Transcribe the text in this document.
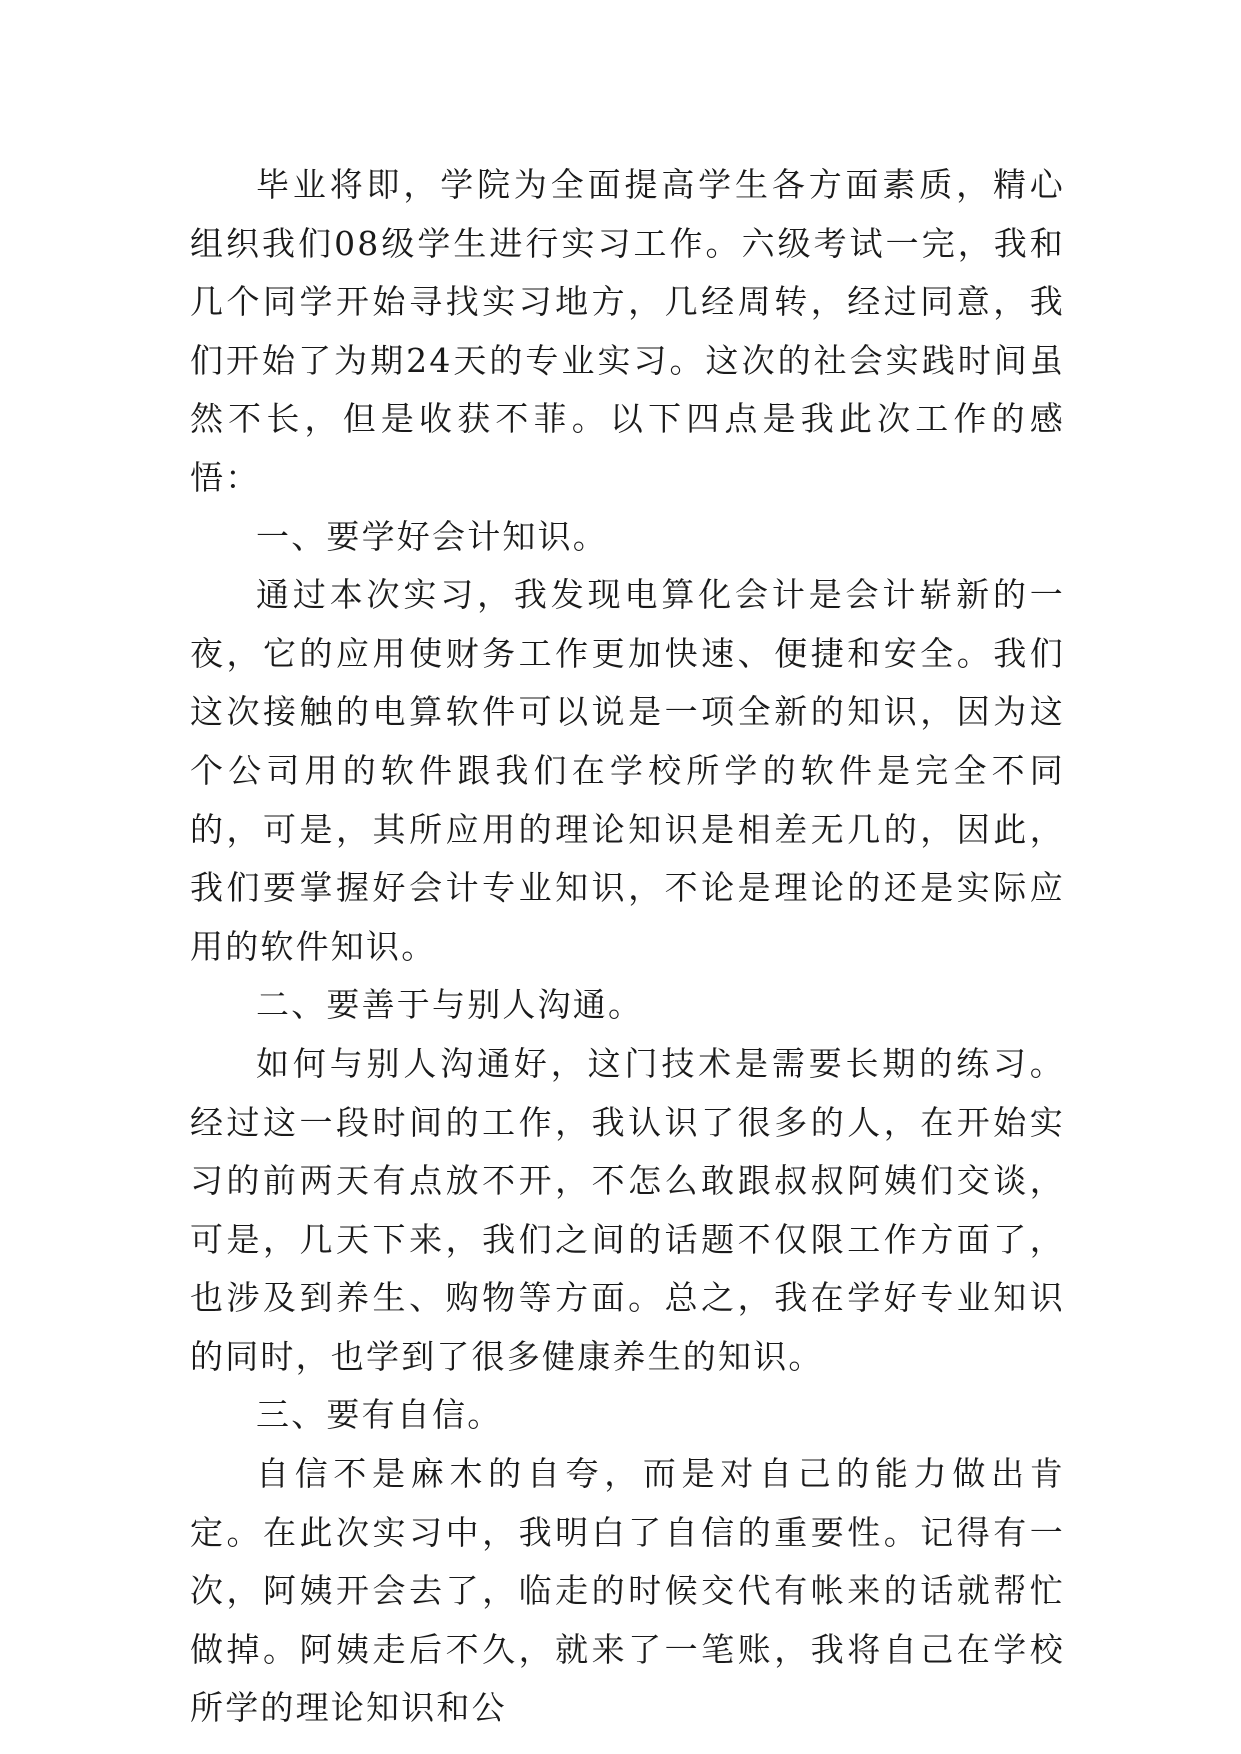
毕业将即，学院为全面提高学生各方面素质，精心组织我们08级学生进行实习工作。六级考试一完，我和几个同学开始寻找实习地方，几经周转，经过同意，我们开始了为期24天的专业实习。这次的社会实践时间虽然不长，但是收获不菲。以下四点是我此次工作的感悟：

一、要学好会计知识。

通过本次实习，我发现电算化会计是会计崭新的一夜，它的应用使财务工作更加快速、便捷和安全。我们这次接触的电算软件可以说是一项全新的知识，因为这个公司用的软件跟我们在学校所学的软件是完全不同的，可是，其所应用的理论知识是相差无几的，因此，我们要掌握好会计专业知识，不论是理论的还是实际应用的软件知识。

二、要善于与别人沟通。

如何与别人沟通好，这门技术是需要长期的练习。经过这一段时间的工作，我认识了很多的人，在开始实习的前两天有点放不开，不怎么敢跟叔叔阿姨们交谈，可是，几天下来，我们之间的话题不仅限工作方面了，也涉及到养生、购物等方面。总之，我在学好专业知识的同时，也学到了很多健康养生的知识。

三、要有自信。

自信不是麻木的自夸，而是对自己的能力做出肯定。在此次实习中，我明白了自信的重要性。记得有一次，阿姨开会去了，临走的时候交代有帐来的话就帮忙做掉。阿姨走后不久，就来了一笔账，我将自己在学校所学的理论知识和公
